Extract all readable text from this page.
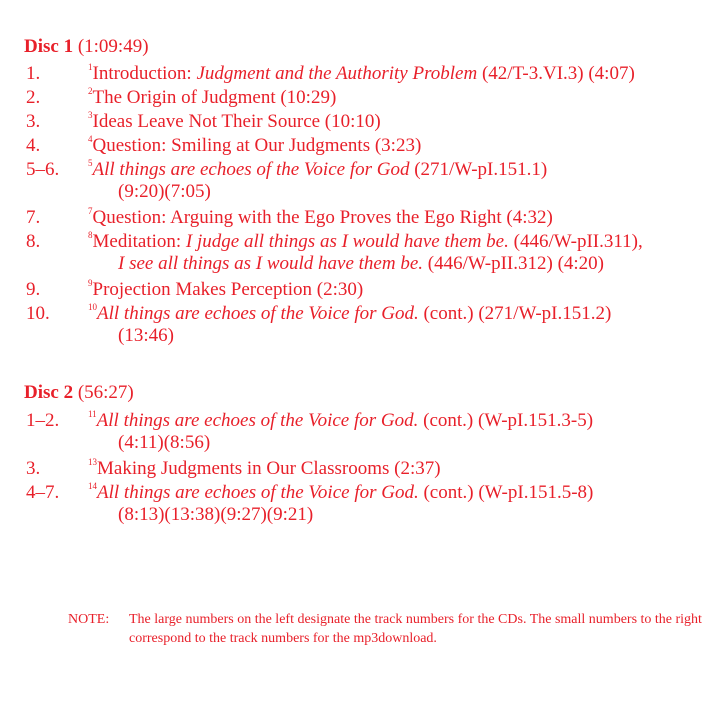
Disc 1 (1:09:49)
1.	$^1$Introduction: Judgment and the Authority Problem (42/T-3.VI.3) (4:07)
2.	$^2$The Origin of Judgment (10:29)
3.	$^3$Ideas Leave Not Their Source (10:10)
4.	$^4$Question: Smiling at Our Judgments (3:23)
5–6.	$^5$All things are echoes of the Voice for God (271/W-pI.151.1)
(9:20)(7:05)
7.	$^7$Question: Arguing with the Ego Proves the Ego Right (4:32)
8.	$^8$Meditation: I judge all things as I would have them be. (446/W-pII.311),
I see all things as I would have them be. (446/W-pII.312) (4:20)
9.	$^9$Projection Makes Perception (2:30)
10.	$^{10}$All things are echoes of the Voice for God. (cont.) (271/W-pI.151.2)
(13:46)
Disc 2 (56:27)
1–2.	$^{11}$All things are echoes of the Voice for God. (cont.) (W-pI.151.3-5)
(4:11)(8:56)
3.	$^{13}$Making Judgments in Our Classrooms (2:37)
4–7.	$^{14}$All things are echoes of the Voice for God. (cont.) (W-pI.151.5-8)
(8:13)(13:38)(9:27)(9:21)
NOTE: The large numbers on the left designate the track numbers for the CDs. The small numbers to the right correspond to the track numbers for the mp3download.
